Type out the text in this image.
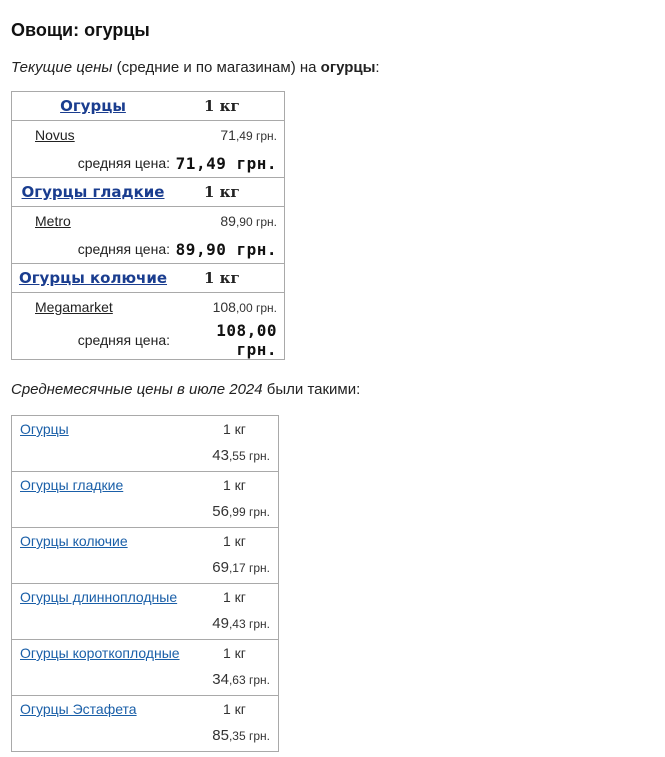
Овощи: огурцы
Текущие цены (средние и по магазинам) на огурцы:
Огурцы	1 кг
Novus	71,49 грн.
средняя цена:	71,49 грн.
Огурцы гладкие	1 кг
Metro	89,90 грн.
средняя цена:	89,90 грн.
Огурцы колючие	1 кг
Megamarket	108,00 грн.
средняя цена:	108,00 грн.
Среднемесячные цены в июле 2024 были такими:
Огурцы	1 кг
43,55 грн.
Огурцы гладкие	1 кг
56,99 грн.
Огурцы колючие	1 кг
69,17 грн.
Огурцы длинноплодные	1 кг
49,43 грн.
Огурцы короткоплодные	1 кг
34,63 грн.
Огурцы Эстафета	1 кг
85,35 грн.
